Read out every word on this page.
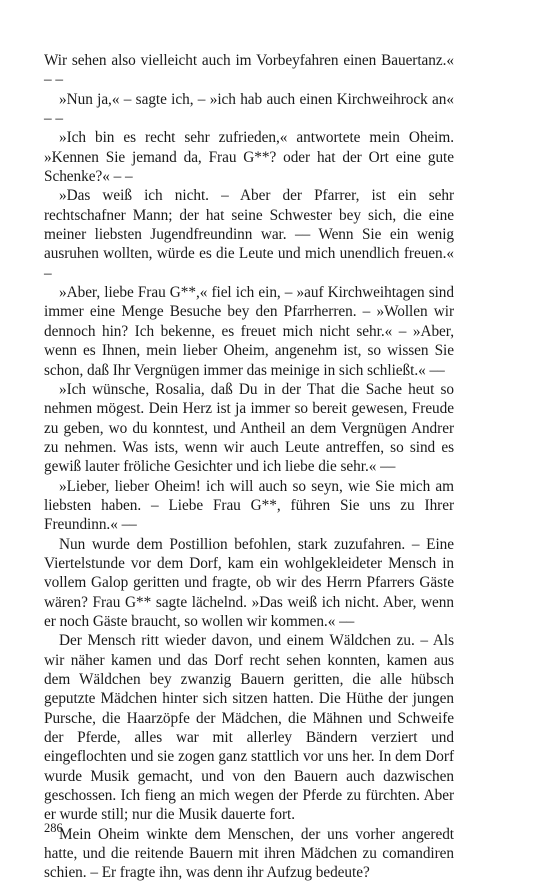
Wir sehen also vielleicht auch im Vorbeyfahren einen Bauertanz.« – –

»Nun ja,« – sagte ich, – »ich hab auch einen Kirchweihrock an« – –

»Ich bin es recht sehr zufrieden,« antwortete mein Oheim. »Kennen Sie jemand da, Frau G**? oder hat der Ort eine gute Schenke?« – –

»Das weiß ich nicht. – Aber der Pfarrer, ist ein sehr rechtschafner Mann; der hat seine Schwester bey sich, die eine meiner liebsten Jugendfreundinn war. –– Wenn Sie ein wenig ausruhen wollten, würde es die Leute und mich unendlich freuen.« –

»Aber, liebe Frau G**,« fiel ich ein, – »auf Kirchweihtagen sind immer eine Menge Besuche bey den Pfarrherren. – »Wollen wir dennoch hin? Ich bekenne, es freuet mich nicht sehr.« – »Aber, wenn es Ihnen, mein lieber Oheim, angenehm ist, so wissen Sie schon, daß Ihr Vergnügen immer das meinige in sich schließt.« ––

»Ich wünsche, Rosalia, daß Du in der That die Sache heut so nehmen mögest. Dein Herz ist ja immer so bereit gewesen, Freude zu geben, wo du konntest, und Antheil an dem Vergnügen Andrer zu nehmen. Was ists, wenn wir auch Leute antreffen, so sind es gewiß lauter fröliche Gesichter und ich liebe die sehr.« ––

»Lieber, lieber Oheim! ich will auch so seyn, wie Sie mich am liebsten haben. – Liebe Frau G**, führen Sie uns zu Ihrer Freundinn.« ––

Nun wurde dem Postillion befohlen, stark zuzufahren. – Eine Viertelstunde vor dem Dorf, kam ein wohlgekleideter Mensch in vollem Galop geritten und fragte, ob wir des Herrn Pfarrers Gäste wären? Frau G** sagte lächelnd. »Das weiß ich nicht. Aber, wenn er noch Gäste braucht, so wollen wir kommen.« ––

Der Mensch ritt wieder davon, und einem Wäldchen zu. – Als wir näher kamen und das Dorf recht sehen konnten, kamen aus dem Wäldchen bey zwanzig Bauern geritten, die alle hübsch geputzte Mädchen hinter sich sitzen hatten. Die Hüthe der jungen Pursche, die Haarzöpfe der Mädchen, die Mähnen und Schweife der Pferde, alles war mit allerley Bändern verziert und eingeflochten und sie zogen ganz stattlich vor uns her. In dem Dorf wurde Musik gemacht, und von den Bauern auch dazwischen geschossen. Ich fieng an mich wegen der Pferde zu fürchten. Aber er wurde still; nur die Musik dauerte fort.

Mein Oheim winkte dem Menschen, der uns vorher angeredt hatte, und die reitende Bauern mit ihren Mädchen zu comandiren schien. – Er fragte ihn, was denn ihr Aufzug bedeute?

286
